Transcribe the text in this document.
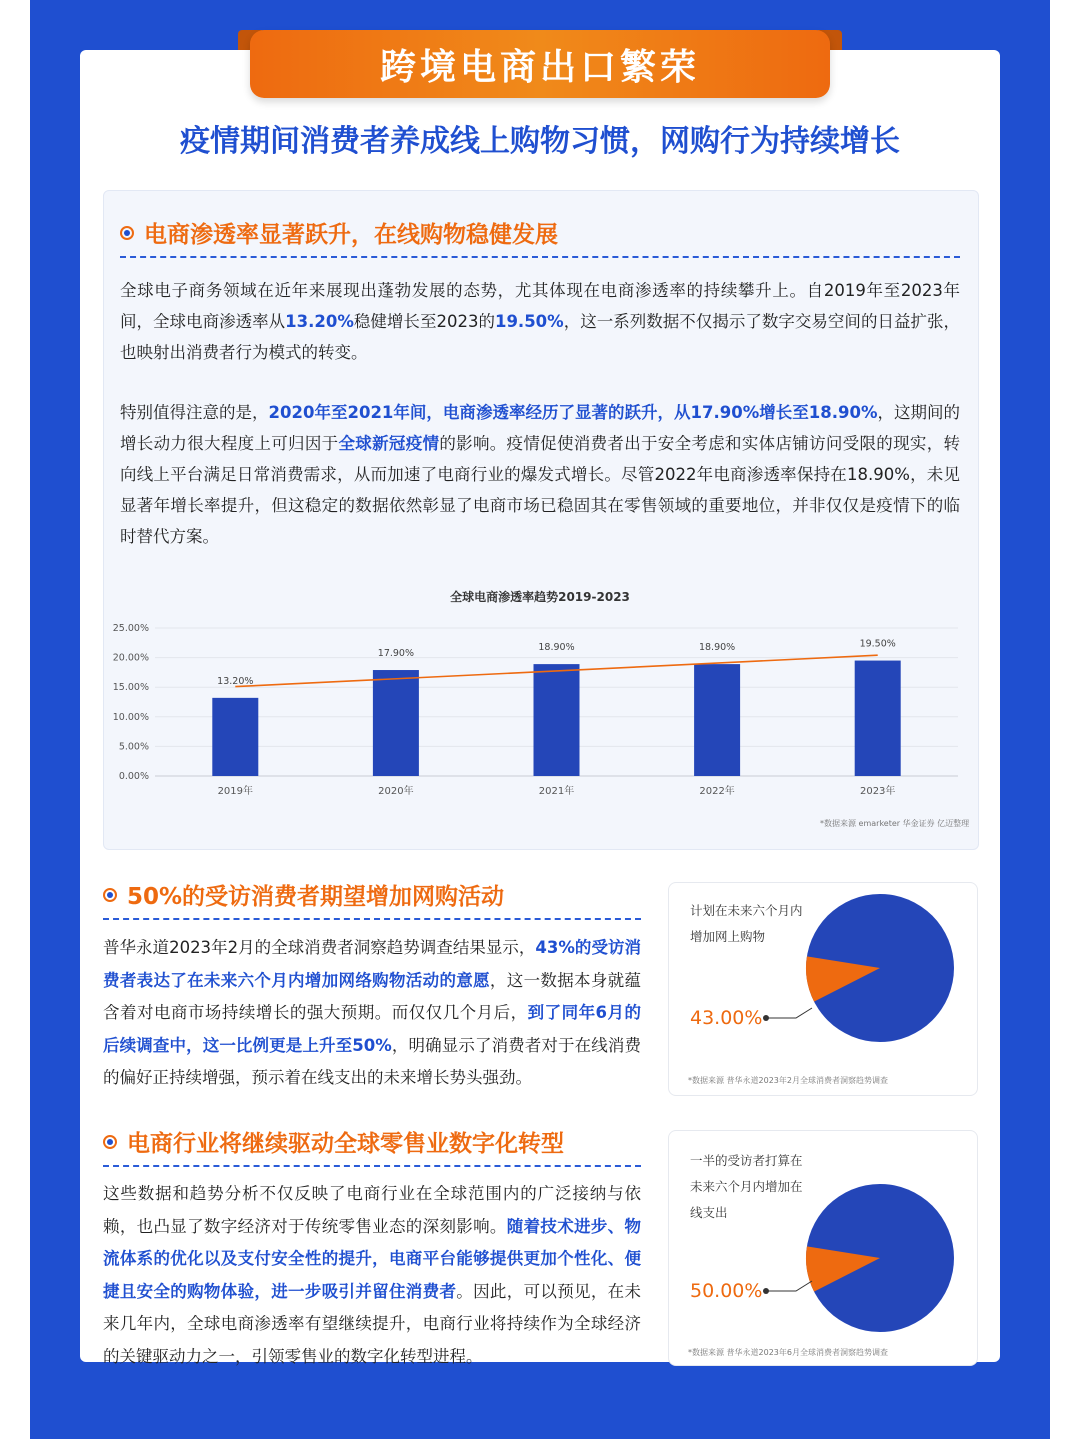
跨境电商出口繁荣
疫情期间消费者养成线上购物习惯，网购行为持续增长
电商渗透率显著跃升，在线购物稳健发展
全球电子商务领域在近年来展现出蓬勃发展的态势，尤其体现在电商渗透率的持续攀升上。自2019年至2023年间，全球电商渗透率从13.20%稳健增长至2023的19.50%，这一系列数据不仅揭示了数字交易空间的日益扩张，也映射出消费者行为模式的转变。
特别值得注意的是，2020年至2021年间，电商渗透率经历了显著的跃升，从17.90%增长至18.90%，这期间的增长动力很大程度上可归因于全球新冠疫情的影响。疫情促使消费者出于安全考虑和实体店铺访问受限的现实，转向线上平台满足日常消费需求，从而加速了电商行业的爆发式增长。尽管2022年电商渗透率保持在18.90%，未见显著年增长率提升，但这稳定的数据依然彰显了电商市场已稳固其在零售领域的重要地位，并非仅仅是疫情下的临时替代方案。
全球电商渗透率趋势2019-2023
0.00%
5.00%
10.00%
15.00%
20.00%
25.00%
13.20%
2019年
17.90%
2020年
18.90%
2021年
18.90%
2022年
19.50%
2023年
*数据来源 emarketer 华金证券 亿迈整理
50%的受访消费者期望增加网购活动
普华永道2023年2月的全球消费者洞察趋势调查结果显示，43%的受访消费者表达了在未来六个月内增加网络购物活动的意愿，这一数据本身就蕴含着对电商市场持续增长的强大预期。而仅仅几个月后，到了同年6月的后续调查中，这一比例更是上升至50%，明确显示了消费者对于在线消费的偏好正持续增强，预示着在线支出的未来增长势头强劲。
计划在未来六个月内
增加网上购物
43.00%
*数据来源 普华永道2023年2月全球消费者洞察趋势调查
电商行业将继续驱动全球零售业数字化转型
这些数据和趋势分析不仅反映了电商行业在全球范围内的广泛接纳与依赖，也凸显了数字经济对于传统零售业态的深刻影响。随着技术进步、物流体系的优化以及支付安全性的提升，电商平台能够提供更加个性化、便捷且安全的购物体验，进一步吸引并留住消费者。因此，可以预见，在未来几年内，全球电商渗透率有望继续提升，电商行业将持续作为全球经济的关键驱动力之一，引领零售业的数字化转型进程。
一半的受访者打算在
未来六个月内增加在
线支出
50.00%
*数据来源 普华永道2023年6月全球消费者洞察趋势调查
